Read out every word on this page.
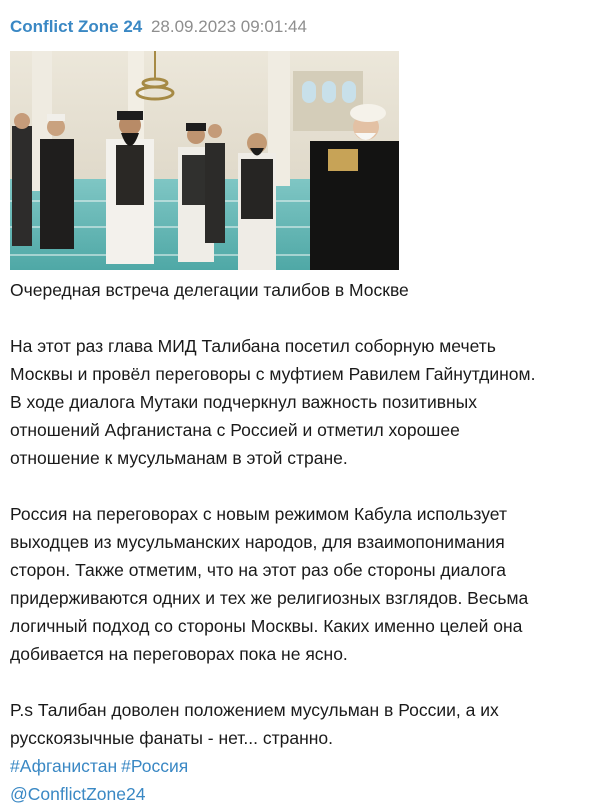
Conflict Zone 24 28.09.2023 09:01:44

Очередная встреча делегации талибов в Москве

На этот раз глава МИД Талибана посетил соборную мечеть
Москвы и провёл переговоры с муфтием Равилем Гайнутдином.
В ходе диалога Мутаки подчеркнул важность позитивных
отношений Афганистана с Россией и отметил хорошее
отношение к мусульманам в этой стране.
Россия на переговорах с новым режимом Кабула использует
выходцев из мусульманских народов, для взаимопонимания
сторон. Также отметим, что на этот раз обе стороны диалога
придерживаются одних и тех же религиозных взглядов. Весьма
логичный подход со стороны Москвы. Каких именно целей она
добивается на переговорах пока не ясно.
P.s Талибан доволен положением мусульман в России, а их
русскоязычные фанаты - нет... странно.
#Афганистан #Россия
@ConflictZone24
